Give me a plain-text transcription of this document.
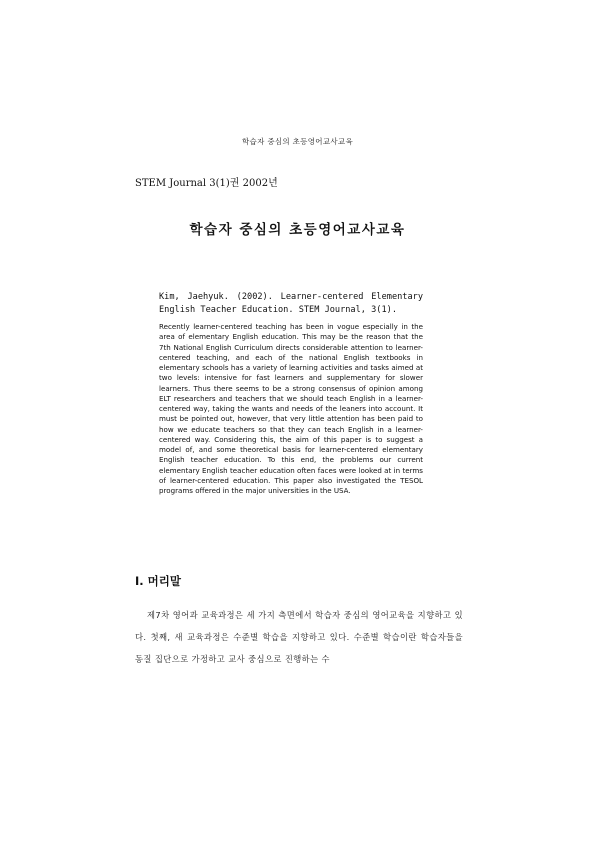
학습자 중심의 초등영어교사교육
STEM Journal 3(1)권 2002년
학습자 중심의 초등영어교사교육
Kim, Jaehyuk. (2002). Learner-centered Elementary English Teacher Education. STEM Journal, 3(1).
Recently learner-centered teaching has been in vogue especially in the area of elementary English education. This may be the reason that the 7th National English Curriculum directs considerable attention to learner-centered teaching, and each of the national English textbooks in elementary schools has a variety of learning activities and tasks aimed at two levels: intensive for fast learners and supplementary for slower learners. Thus there seems to be a strong consensus of opinion among ELT researchers and teachers that we should teach English in a learner-centered way, taking the wants and needs of the leaners into account. It must be pointed out, however, that very little attention has been paid to how we educate teachers so that they can teach English in a learner-centered way. Considering this, the aim of this paper is to suggest a model of, and some theoretical basis for learner-centered elementary English teacher education. To this end, the problems our current elementary English teacher education often faces were looked at in terms of learner-centered education. This paper also investigated the TESOL programs offered in the major universities in the USA.
Ⅰ. 머리말
제7차 영어과 교육과정은 세 가지 측면에서 학습자 중심의 영어교육을 지향하고 있다. 첫째, 새 교육과정은 수준별 학습을 지향하고 있다. 수준별 학습이란 학습자들을 동질 집단으로 가정하고 교사 중심으로 진행하는 수
